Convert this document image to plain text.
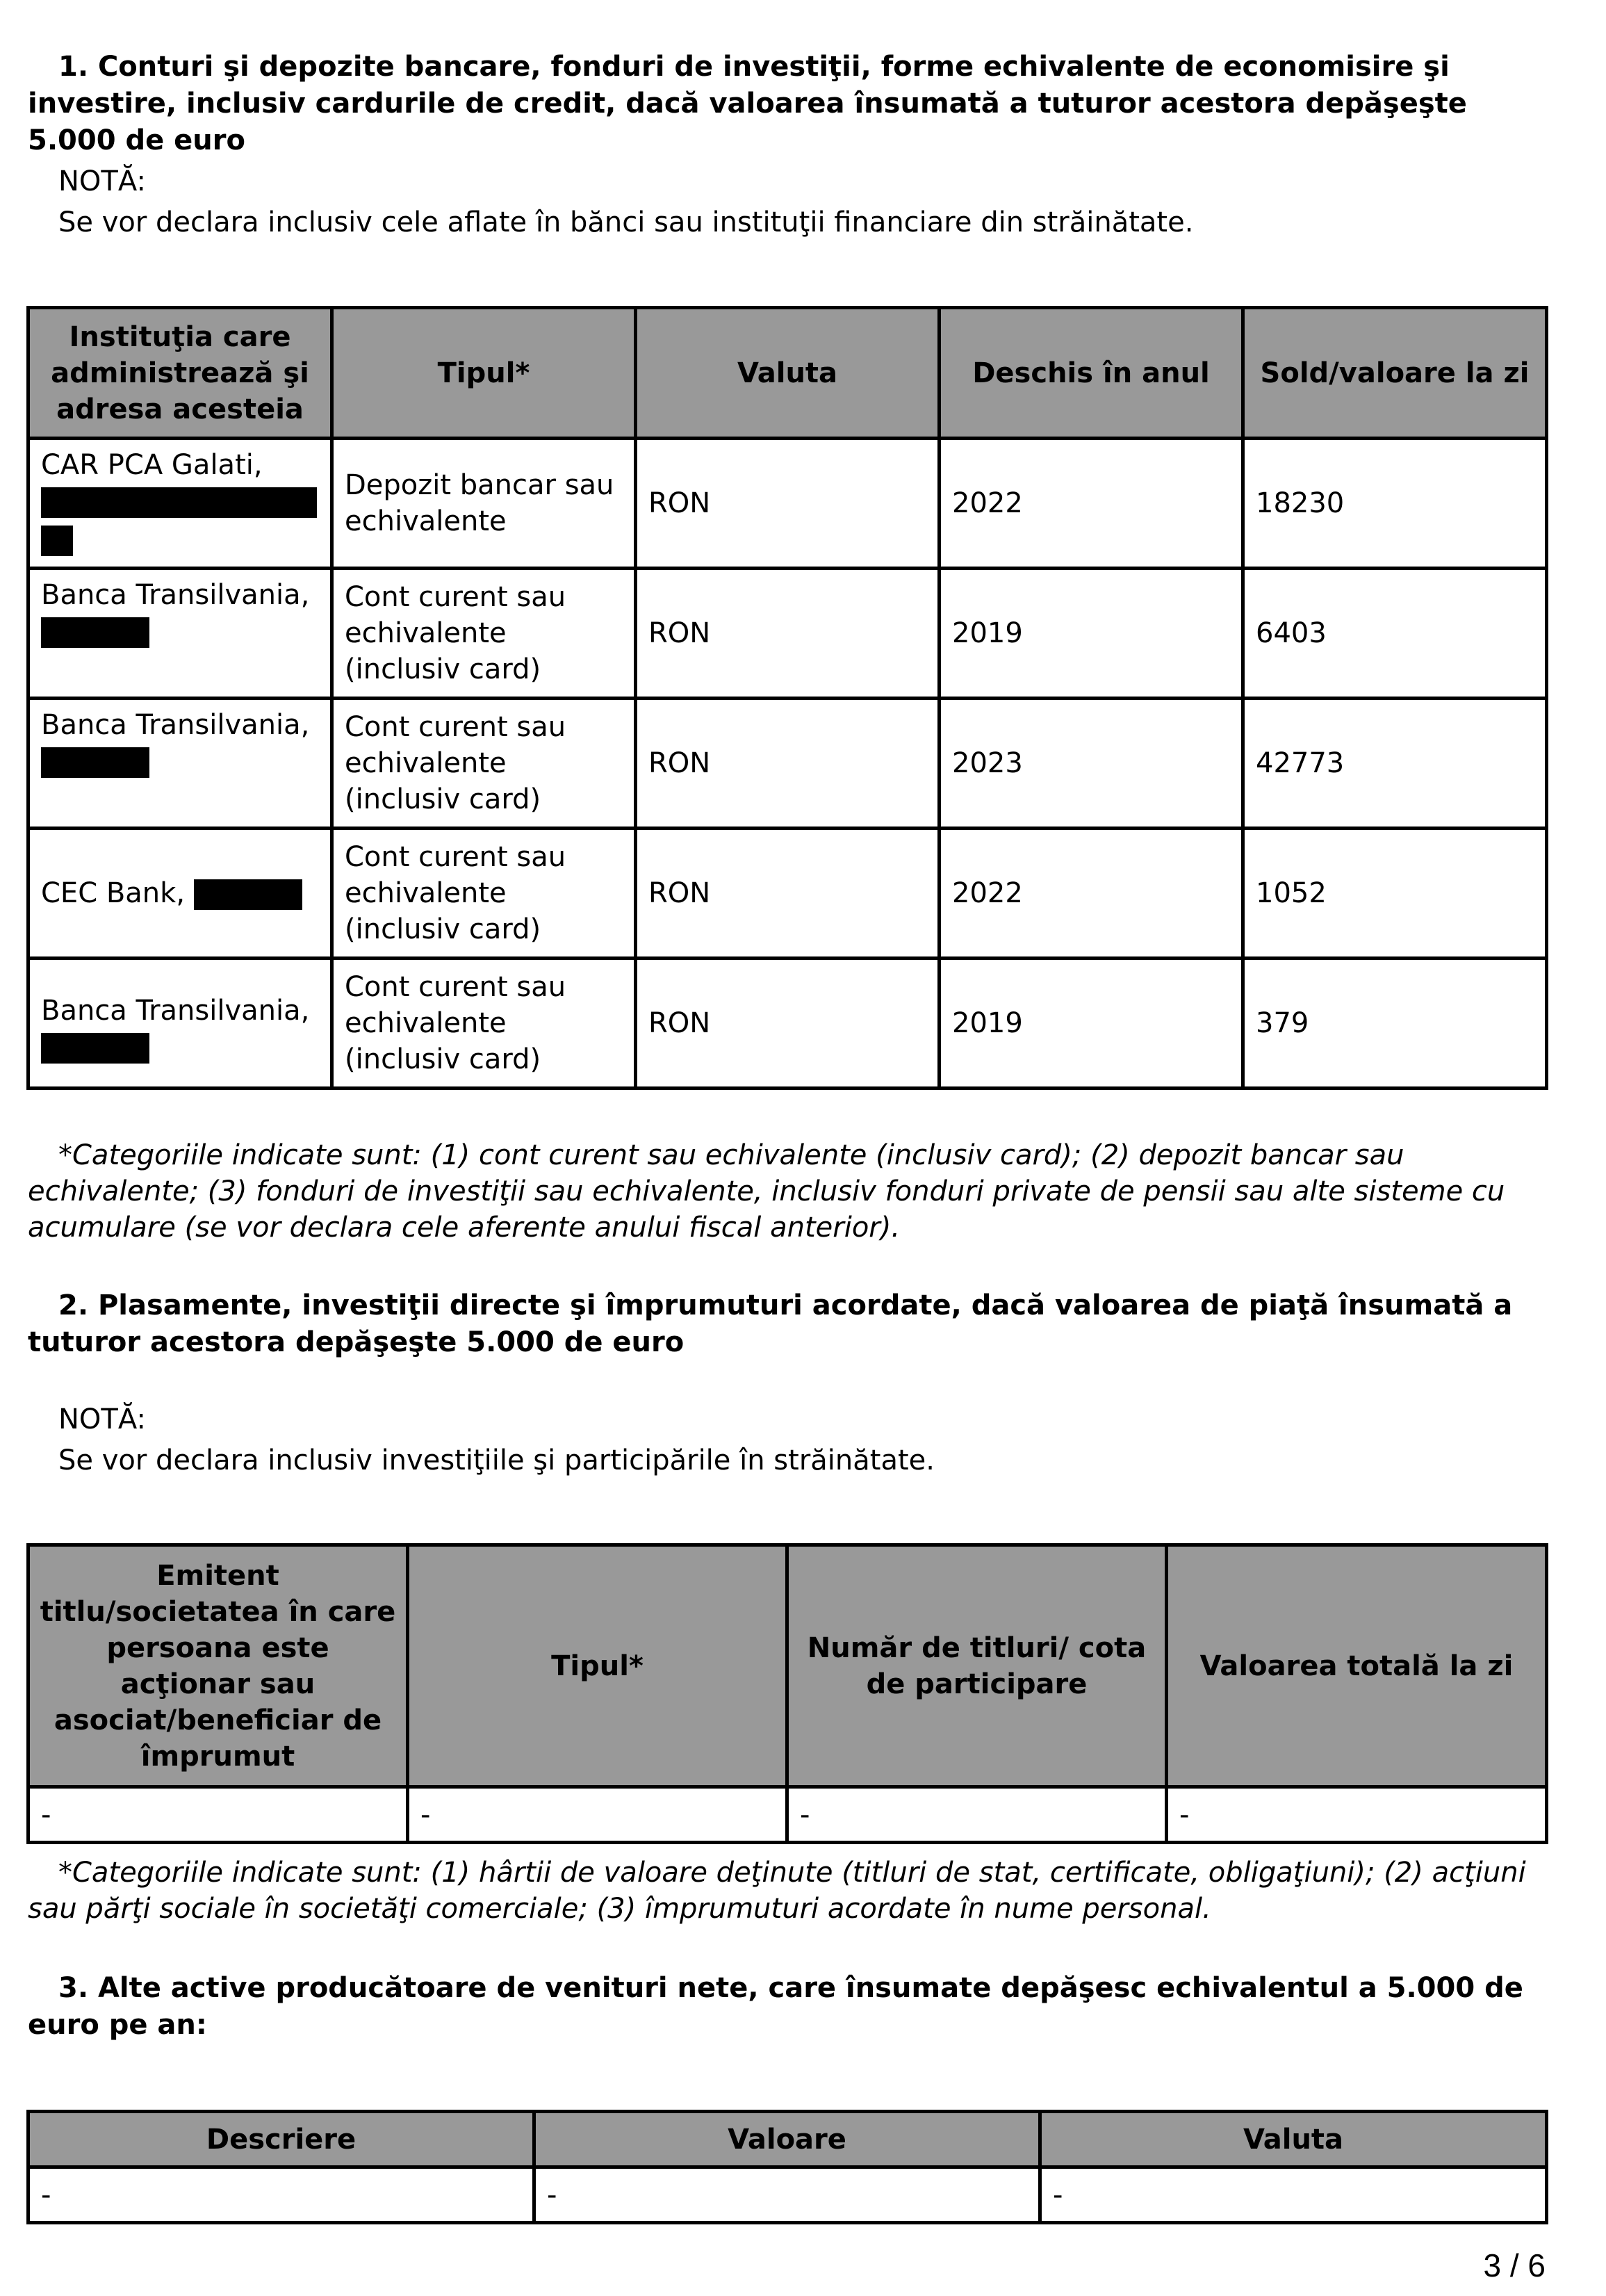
1. Conturi şi depozite bancare, fonduri de investiţii, forme echivalente de economisire şi investire, inclusiv cardurile de credit, dacă valoarea însumată a tuturor acestora depăşeşte 5.000 de euro

NOTĂ:

Se vor declara inclusiv cele aflate în bănci sau instituţii financiare din străinătate.

Instituţia care administrează şi adresa acesteia	Tipul*	Valuta	Deschis în anul	Sold/valoare la zi
CAR PCA Galati,	Depozit bancar sau echivalente	RON	2022	18230
Banca Transilvania,	Cont curent sau echivalente (inclusiv card)	RON	2019	6403
Banca Transilvania,	Cont curent sau echivalente (inclusiv card)	RON	2023	42773
CEC Bank,	Cont curent sau echivalente (inclusiv card)	RON	2022	1052
Banca Transilvania,	Cont curent sau echivalente (inclusiv card)	RON	2019	379

*Categoriile indicate sunt: (1) cont curent sau echivalente (inclusiv card); (2) depozit bancar sau echivalente; (3) fonduri de investiţii sau echivalente, inclusiv fonduri private de pensii sau alte sisteme cu acumulare (se vor declara cele aferente anului fiscal anterior).

2. Plasamente, investiţii directe şi împrumuturi acordate, dacă valoarea de piaţă însumată a tuturor acestora depăşeşte 5.000 de euro

NOTĂ:

Se vor declara inclusiv investiţiile şi participările în străinătate.

Emitent titlu/societatea în care persoana este acţionar sau asociat/beneficiar de împrumut	Tipul*	Număr de titluri/ cota de participare	Valoarea totală la zi
-	-	-	-

*Categoriile indicate sunt: (1) hârtii de valoare deţinute (titluri de stat, certificate, obligaţiuni); (2) acţiuni sau părţi sociale în societăţi comerciale; (3) împrumuturi acordate în nume personal.

3. Alte active producătoare de venituri nete, care însumate depăşesc echivalentul a 5.000 de euro pe an:

Descriere	Valoare	Valuta
-	-	-
3 / 6
